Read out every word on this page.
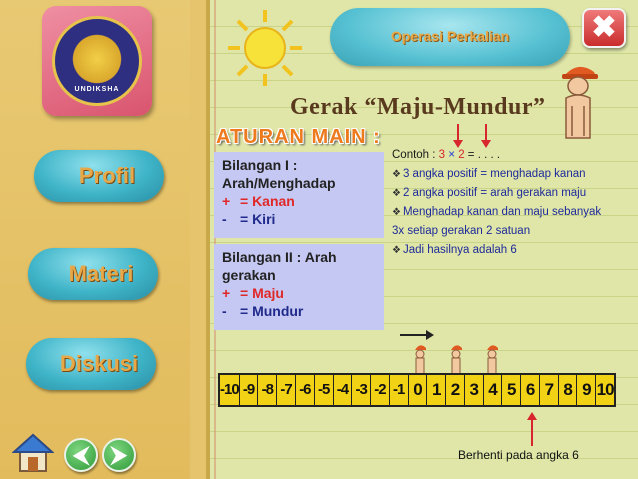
UNDIKSHA
Profil
Materi
Diskusi
⮜	⮞
Operasi Perkalian	✖
Gerak “Maju-Mundur”
ATURAN MAIN :
Bilangan I :
Arah/Menghadap
+ = Kanan
- = Kiri
Bilangan II : Arah
gerakan
+ = Maju
- = Mundur
Contoh : 3 × 2 = . . . .
❖ 3 angka positif = menghadap kanan
❖ 2 angka positif = arah gerakan maju
❖ Menghadap kanan dan maju sebanyak 3x setiap gerakan 2 satuan
❖ Jadi hasilnya adalah 6
-10 -9 -8 -7 -6 -5 -4 -3 -2 -1 0 1 2 3 4 5 6 7 8 9 10
Berhenti pada angka 6
